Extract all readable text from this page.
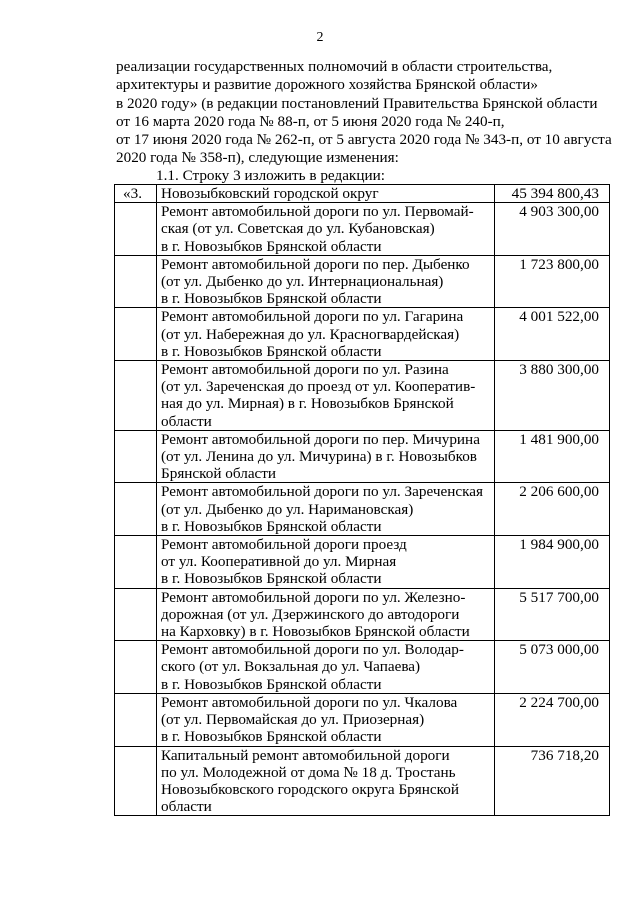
2

реализации государственных полномочий в области строительства,

архитектуры и развитие дорожного хозяйства Брянской области»

в 2020 году» (в редакции постановлений Правительства Брянской области

от 16 марта 2020 года № 88-п, от 5 июня 2020 года № 240-п,

от 17 июня 2020 года № 262-п, от 5 августа 2020 года № 343-п, от 10 августа

2020 года № 358-п), следующие изменения:

1.1. Строку 3 изложить в редакции:
«3.	Новозыбковский городской округ	45 394 800,43

	Ремонт автомобильной дороги по ул. Первомай-
ская (от ул. Советская до ул. Кубановская)
в г. Новозыбков Брянской области	4 903 300,00

	Ремонт автомобильной дороги по пер. Дыбенко
(от ул. Дыбенко до ул. Интернациональная)
в г. Новозыбков Брянской области	1 723 800,00

	Ремонт автомобильной дороги по ул. Гагарина
(от ул. Набережная до ул. Красногвардейская)
в г. Новозыбков Брянской области	4 001 522,00

	Ремонт автомобильной дороги по ул. Разина
(от ул. Зареченская до проезд от ул. Кооператив-
ная до ул. Мирная) в г. Новозыбков Брянской
области	3 880 300,00

	Ремонт автомобильной дороги по пер. Мичурина
(от ул. Ленина до ул. Мичурина) в г. Новозыбков
Брянской области	1 481 900,00

	Ремонт автомобильной дороги по ул. Зареченская
(от ул. Дыбенко до ул. Наримановская)
в г. Новозыбков Брянской области	2 206 600,00

	Ремонт автомобильной дороги проезд
от ул. Кооперативной до ул. Мирная
в г. Новозыбков Брянской области	1 984 900,00

	Ремонт автомобильной дороги по ул. Железно-
дорожная (от ул. Дзержинского до автодороги
на Карховку) в г. Новозыбков Брянской области	5 517 700,00

	Ремонт автомобильной дороги по ул. Володар-
ского (от ул. Вокзальная до ул. Чапаева)
в г. Новозыбков Брянской области	5 073 000,00

	Ремонт автомобильной дороги по ул. Чкалова
(от ул. Первомайская до ул. Приозерная)
в г. Новозыбков Брянской области	2 224 700,00

	Капитальный ремонт автомобильной дороги
по ул. Молодежной от дома № 18 д. Тростань
Новозыбковского городского округа Брянской
области	736 718,20
